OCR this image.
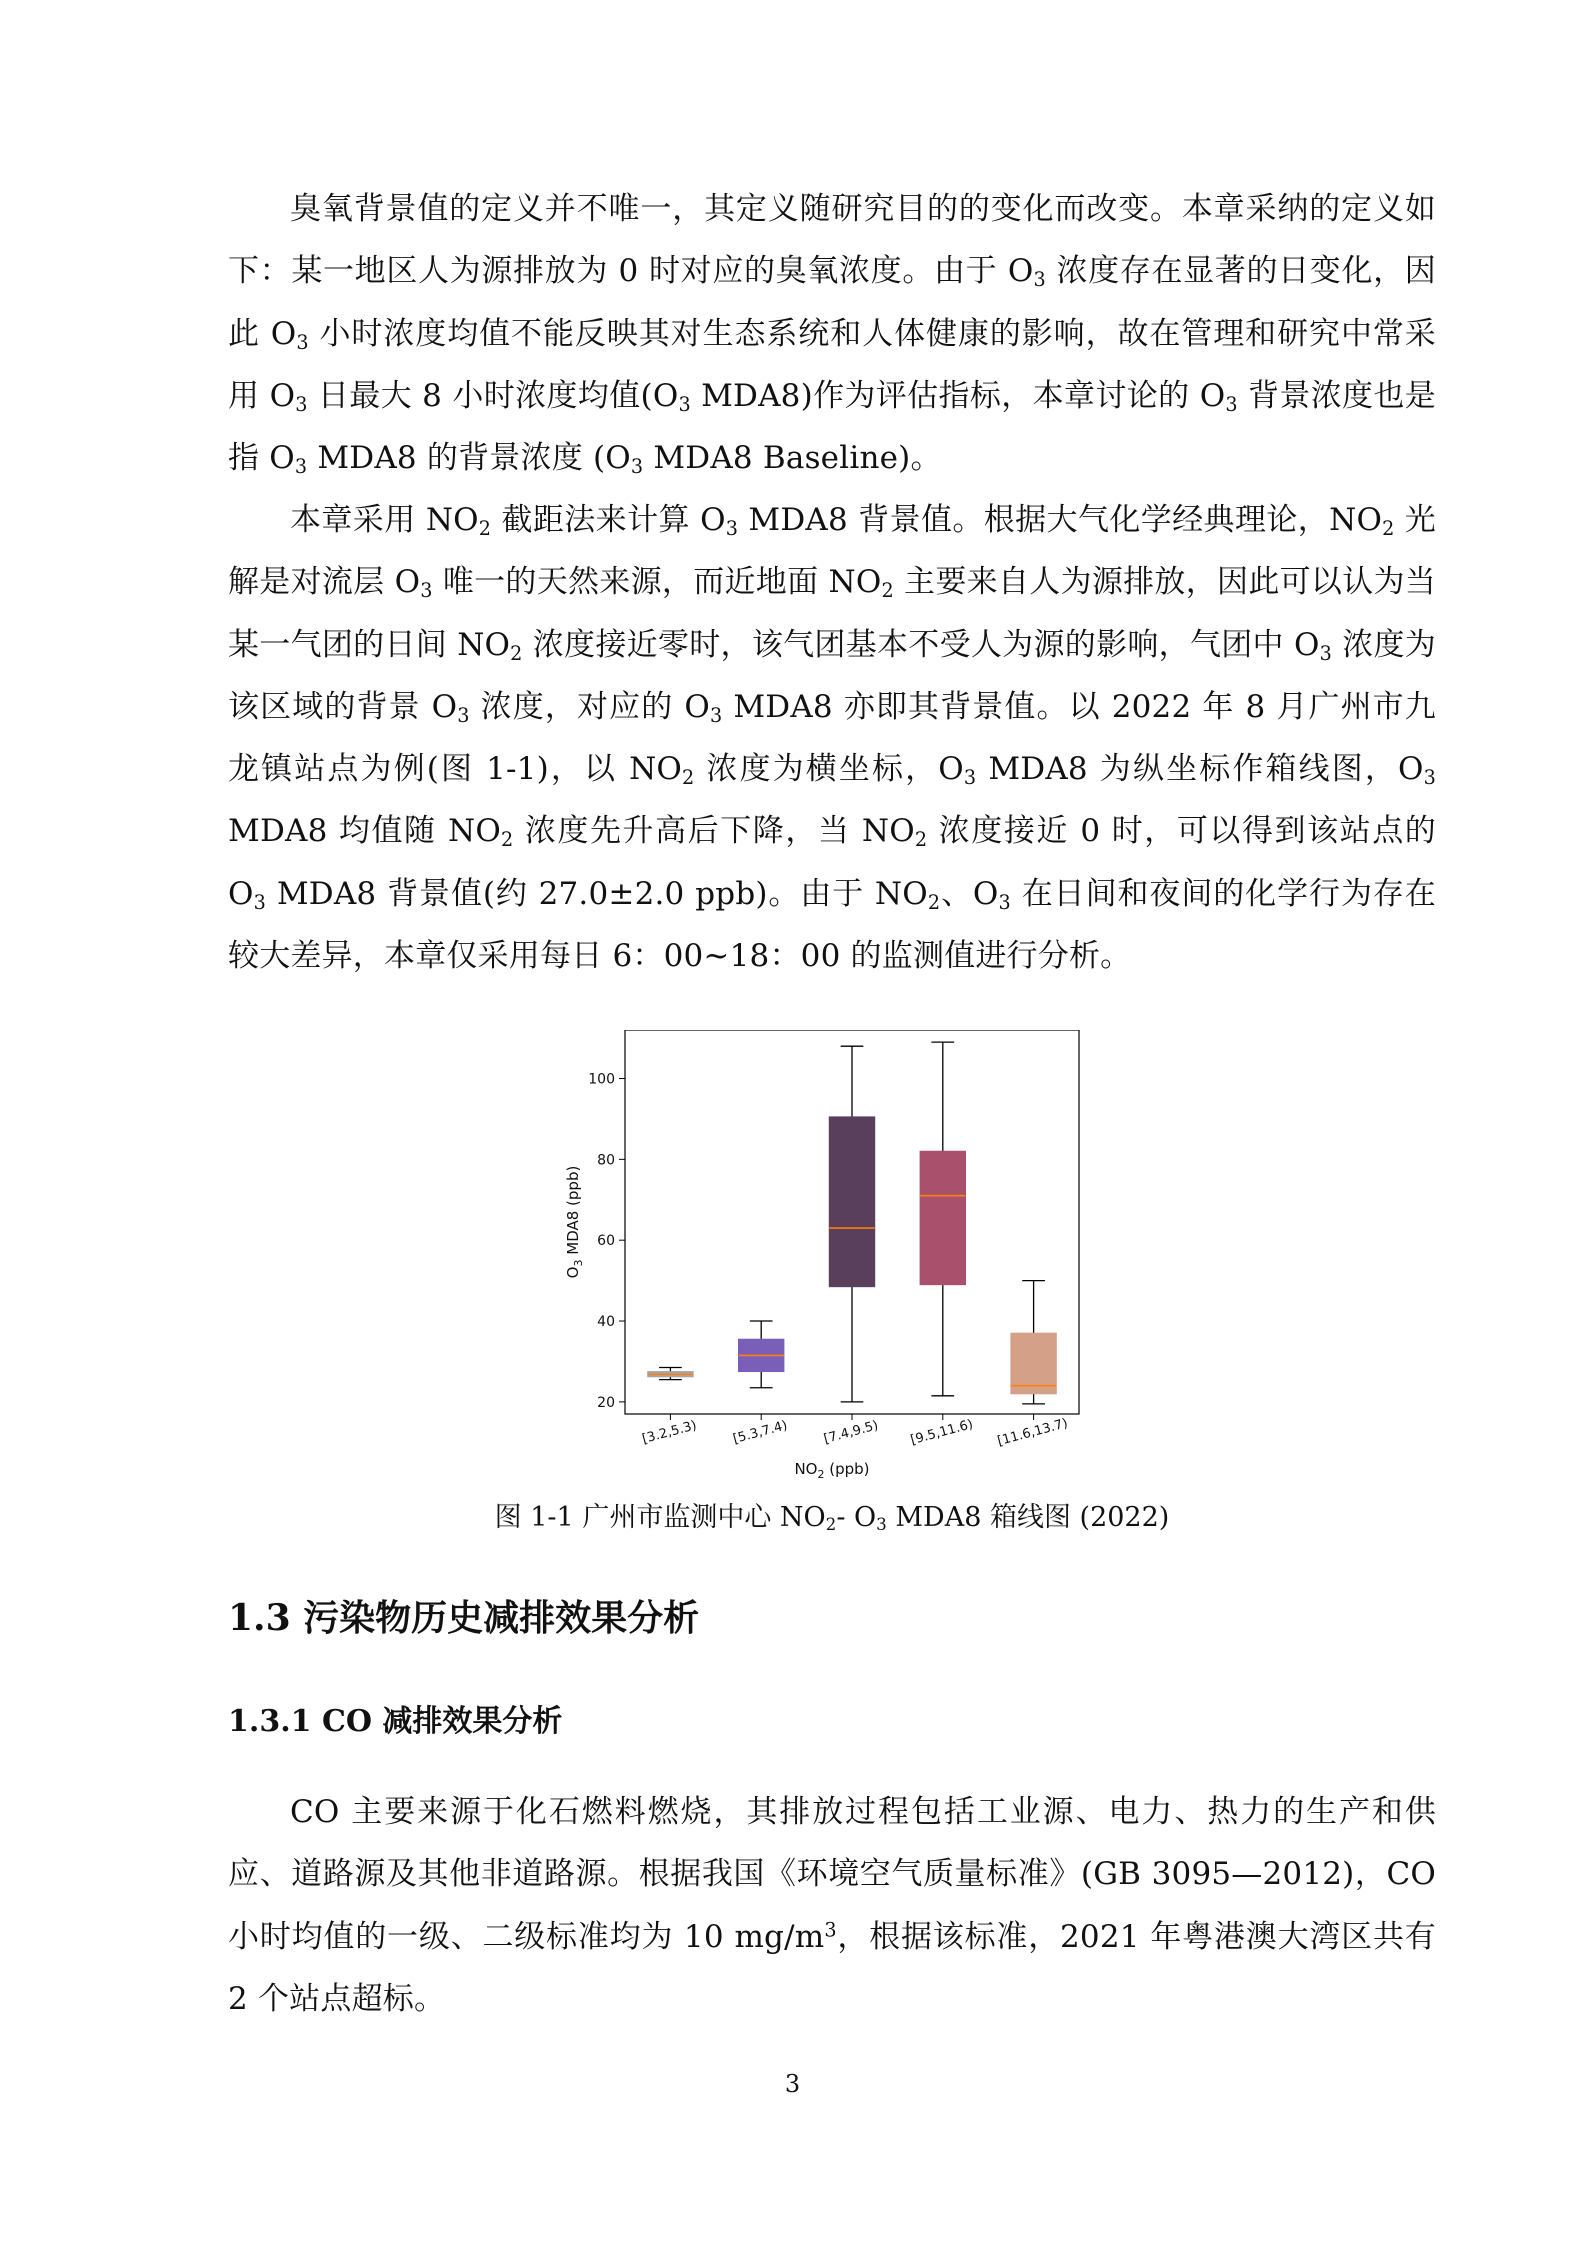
臭氧背景值的定义并不唯一，其定义随研究目的的变化而改变。本章采纳的定义如下：某一地区人为源排放为 0 时对应的臭氧浓度。由于 $O_3$ 浓度存在显著的日变化，因此 $O_3$ 小时浓度均值不能反映其对生态系统和人体健康的影响，故在管理和研究中常采用 $O_3$ 日最大 8 小时浓度均值($O_3$ MDA8)作为评估指标，本章讨论的 $O_3$ 背景浓度也是指 $O_3$ MDA8 的背景浓度 ($O_3$ MDA8 Baseline)。

本章采用 $NO_2$ 截距法来计算 $O_3$ MDA8 背景值。根据大气化学经典理论，$NO_2$ 光解是对流层 $O_3$ 唯一的天然来源，而近地面 $NO_2$ 主要来自人为源排放，因此可以认为当某一气团的日间 $NO_2$ 浓度接近零时，该气团基本不受人为源的影响，气团中 $O_3$ 浓度为该区域的背景 $O_3$ 浓度，对应的 $O_3$ MDA8 亦即其背景值。以 2022 年 8 月广州市九龙镇站点为例(图 1-1)，以 $NO_2$ 浓度为横坐标，$O_3$ MDA8 为纵坐标作箱线图，$O_3$ MDA8 均值随 $NO_2$ 浓度先升高后下降，当 $NO_2$ 浓度接近 0 时，可以得到该站点的 $O_3$ MDA8 背景值(约 27.0±2.0 ppb)。由于 $NO_2$、$O_3$ 在日间和夜间的化学行为存在较大差异，本章仅采用每日 6：00~18：00 的监测值进行分析。

20
40
60
80
100
[3.2,5.3)	[5.3,7.4)	[7.4,9.5) [9.5,11.6) [11.6,13.7)
$NO_2$ (ppb)
$O_3$ MDA8 (ppb)

图 1-1 广州市监测中心 $NO_2-$ $O_3$ MDA8 箱线图 (2022)

1.3 污染物历史减排效果分析
1.3.1 CO 减排效果分析

CO 主要来源于化石燃料燃烧，其排放过程包括工业源、电力、热力的生产和供应、道路源及其他非道路源。根据我国《环境空气质量标准》(GB 3095—2012)，CO 小时均值的一级、二级标准均为 10 $mg/m^3$，根据该标准，2021 年粤港澳大湾区共有 2 个站点超标。

3
